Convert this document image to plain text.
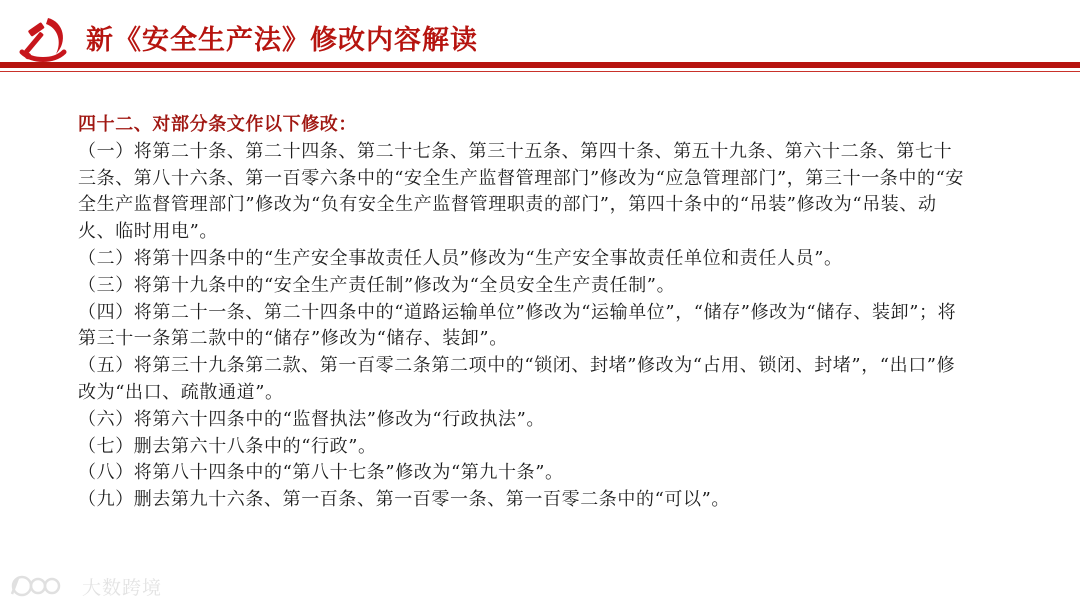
新《安全生产法》修改内容解读
四十二、对部分条文作以下修改：

（一）将第二十条、第二十四条、第二十七条、第三十五条、第四十条、第五十九条、第六十二条、第七十三条、第八十六条、第一百零六条中的“安全生产监督管理部门”修改为“应急管理部门”，第三十一条中的“安全生产监督管理部门”修改为“负有安全生产监督管理职责的部门”，第四十条中的“吊装”修改为“吊装、动火、临时用电”。

（二）将第十四条中的“生产安全事故责任人员”修改为“生产安全事故责任单位和责任人员”。

（三）将第十九条中的“安全生产责任制”修改为“全员安全生产责任制”。

（四）将第二十一条、第二十四条中的“道路运输单位”修改为“运输单位”，“储存”修改为“储存、装卸”；将第三十一条第二款中的“储存”修改为“储存、装卸”。

（五）将第三十九条第二款、第一百零二条第二项中的“锁闭、封堵”修改为“占用、锁闭、封堵”，“出口”修改为“出口、疏散通道”。

（六）将第六十四条中的“监督执法”修改为“行政执法”。

（七）删去第六十八条中的“行政”。

（八）将第八十四条中的“第八十七条”修改为“第九十条”。

（九）删去第九十六条、第一百条、第一百零一条、第一百零二条中的“可以”。

大数跨境
